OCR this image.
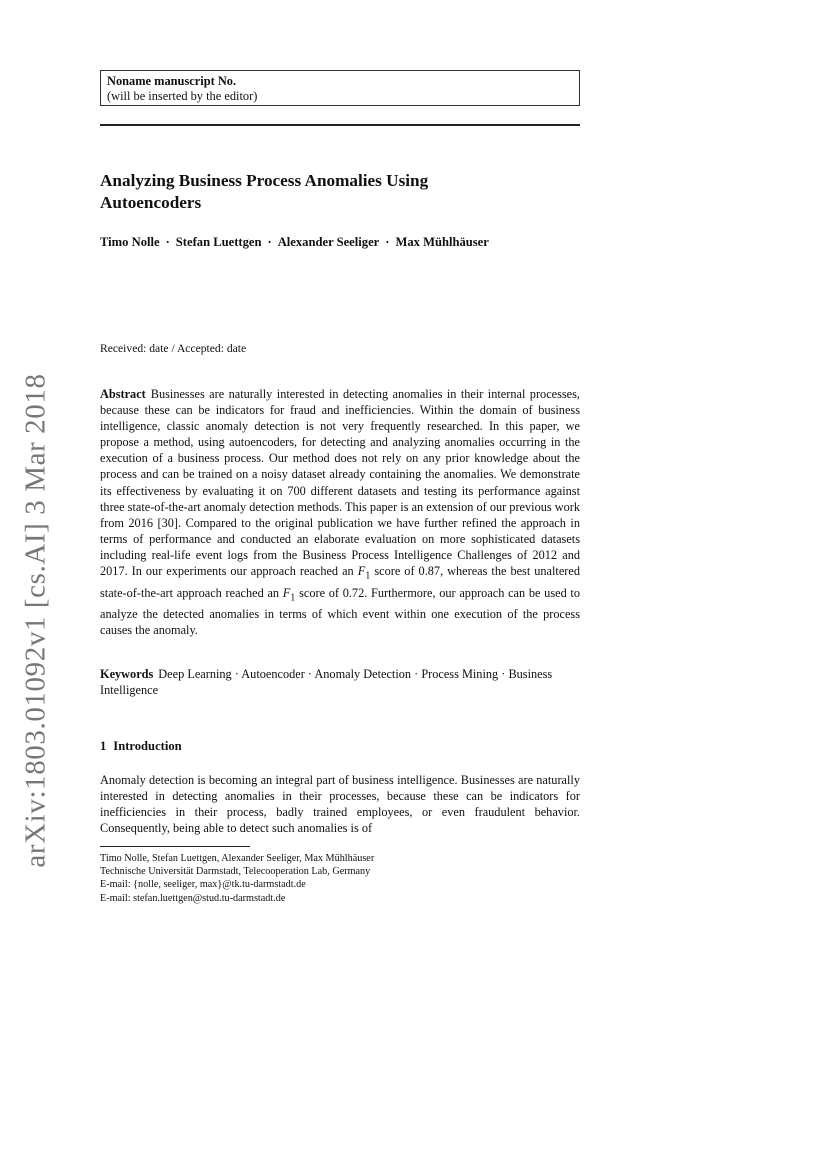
arXiv:1803.01092v1 [cs.AI] 3 Mar 2018
Noname manuscript No.
(will be inserted by the editor)
Analyzing Business Process Anomalies Using
Autoencoders

Timo Nolle · Stefan Luettgen · Alexander Seeliger · Max Mühlhäuser

Received: date / Accepted: date

Abstract Businesses are naturally interested in detecting anomalies in their internal processes, because these can be indicators for fraud and inefficiencies. Within the domain of business intelligence, classic anomaly detection is not very frequently researched. In this paper, we propose a method, using autoencoders, for detecting and analyzing anomalies occurring in the execution of a business process. Our method does not rely on any prior knowledge about the process and can be trained on a noisy dataset already containing the anomalies. We demonstrate its effectiveness by evaluating it on 700 different datasets and testing its performance against three state-of-the-art anomaly detection methods. This paper is an extension of our previous work from 2016 [30]. Compared to the original publication we have further refined the approach in terms of performance and conducted an elaborate evaluation on more sophisticated datasets including real-life event logs from the Business Process Intelligence Challenges of 2012 and 2017. In our experiments our approach reached an $F_1$ score of 0.87, whereas the best unaltered state-of-the-art approach reached an $F_1$ score of 0.72. Furthermore, our approach can be used to analyze the detected anomalies in terms of which event within one execution of the process causes the anomaly.

Keywords Deep Learning · Autoencoder · Anomaly Detection · Process Mining · Business Intelligence

1 Introduction

Anomaly detection is becoming an integral part of business intelligence. Businesses are naturally interested in detecting anomalies in their processes, because these can be indicators for inefficiencies in their process, badly trained employees, or even fraudulent behavior. Consequently, being able to detect such anomalies is of

Timo Nolle, Stefan Luettgen, Alexander Seeliger, Max Mühlhäuser
Technische Universität Darmstadt, Telecooperation Lab, Germany
E-mail: {nolle, seeliger, max}@tk.tu-darmstadt.de
E-mail: stefan.luettgen@stud.tu-darmstadt.de
